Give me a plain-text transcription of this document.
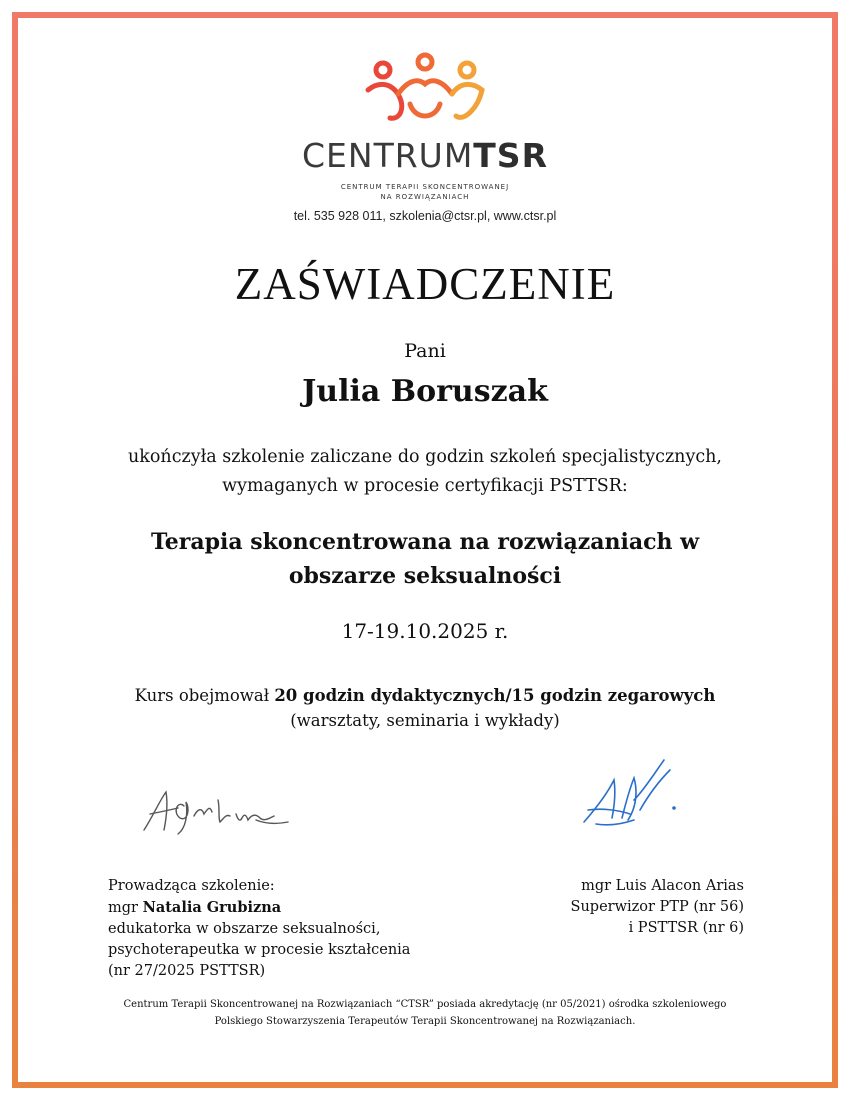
CENTRUMTSR
CENTRUM TERAPII SKONCENTROWANEJ
NA ROZWIĄZANIACH
tel. 535 928 011, szkolenia@ctsr.pl, www.ctsr.pl
ZAŚWIADCZENIE
Pani
Julia Boruszak
ukończyła szkolenie zaliczane do godzin szkoleń specjalistycznych,
wymaganych w procesie certyfikacji PSTTSR:
Terapia skoncentrowana na rozwiązaniach w
obszarze seksualności
17-19.10.2025 r.
Kurs obejmował 20 godzin dydaktycznych/15 godzin zegarowych
(warsztaty, seminaria i wykłady)
Prowadząca szkolenie:
mgr Natalia Grubizna
edukatorka w obszarze seksualności,
psychoterapeutka w procesie kształcenia
(nr 27/2025 PSTTSR)
mgr Luis Alacon Arias
Superwizor PTP (nr 56)
i PSTTSR (nr 6)
Centrum Terapii Skoncentrowanej na Rozwiązaniach “CTSR” posiada akredytację (nr 05/2021) ośrodka szkoleniowego
Polskiego Stowarzyszenia Terapeutów Terapii Skoncentrowanej na Rozwiązaniach.
